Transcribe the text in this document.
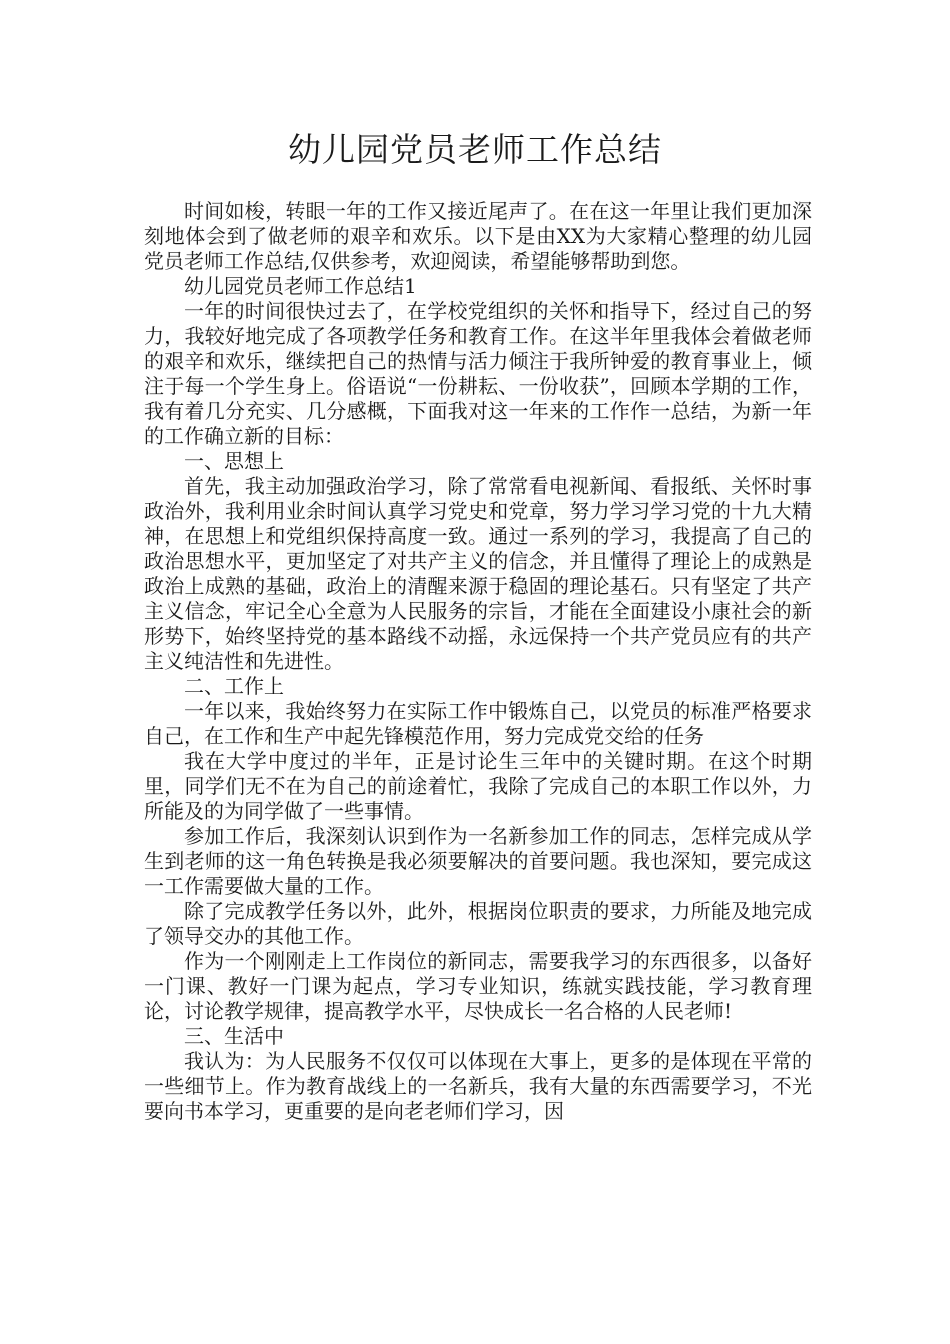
幼儿园党员老师工作总结

时间如梭，转眼一年的工作又接近尾声了。在在这一年里让我们更加深刻地体会到了做老师的艰辛和欢乐。以下是由XX为大家精心整理的幼儿园党员老师工作总结,仅供参考，欢迎阅读，希望能够帮助到您。

幼儿园党员老师工作总结1

一年的时间很快过去了，在学校党组织的关怀和指导下，经过自己的努力，我较好地完成了各项教学任务和教育工作。在这半年里我体会着做老师的艰辛和欢乐，继续把自己的热情与活力倾注于我所钟爱的教育事业上，倾注于每一个学生身上。俗语说“一份耕耘、一份收获”，回顾本学期的工作，我有着几分充实、几分感概，下面我对这一年来的工作作一总结，为新一年的工作确立新的目标：

一、思想上

首先，我主动加强政治学习，除了常常看电视新闻、看报纸、关怀时事政治外，我利用业余时间认真学习党史和党章，努力学习学习党的十九大精神，在思想上和党组织保持高度一致。通过一系列的学习，我提高了自己的政治思想水平，更加坚定了对共产主义的信念，并且懂得了理论上的成熟是政治上成熟的基础，政治上的清醒来源于稳固的理论基石。只有坚定了共产主义信念，牢记全心全意为人民服务的宗旨，才能在全面建设小康社会的新形势下，始终坚持党的基本路线不动摇，永远保持一个共产党员应有的共产主义纯洁性和先进性。

二、工作上

一年以来，我始终努力在实际工作中锻炼自己，以党员的标准严格要求自己，在工作和生产中起先锋模范作用，努力完成党交给的任务

我在大学中度过的半年，正是讨论生三年中的关键时期。在这个时期里，同学们无不在为自己的前途着忙，我除了完成自己的本职工作以外，力所能及的为同学做了一些事情。

参加工作后，我深刻认识到作为一名新参加工作的同志，怎样完成从学生到老师的这一角色转换是我必须要解决的首要问题。我也深知，要完成这一工作需要做大量的工作。

除了完成教学任务以外，此外，根据岗位职责的要求，力所能及地完成了领导交办的其他工作。

作为一个刚刚走上工作岗位的新同志，需要我学习的东西很多，以备好一门课、教好一门课为起点，学习专业知识，练就实践技能，学习教育理论，讨论教学规律，提高教学水平，尽快成长一名合格的人民老师!

三、生活中

我认为：为人民服务不仅仅可以体现在大事上，更多的是体现在平常的一些细节上。作为教育战线上的一名新兵，我有大量的东西需要学习，不光要向书本学习，更重要的是向老老师们学习，因
